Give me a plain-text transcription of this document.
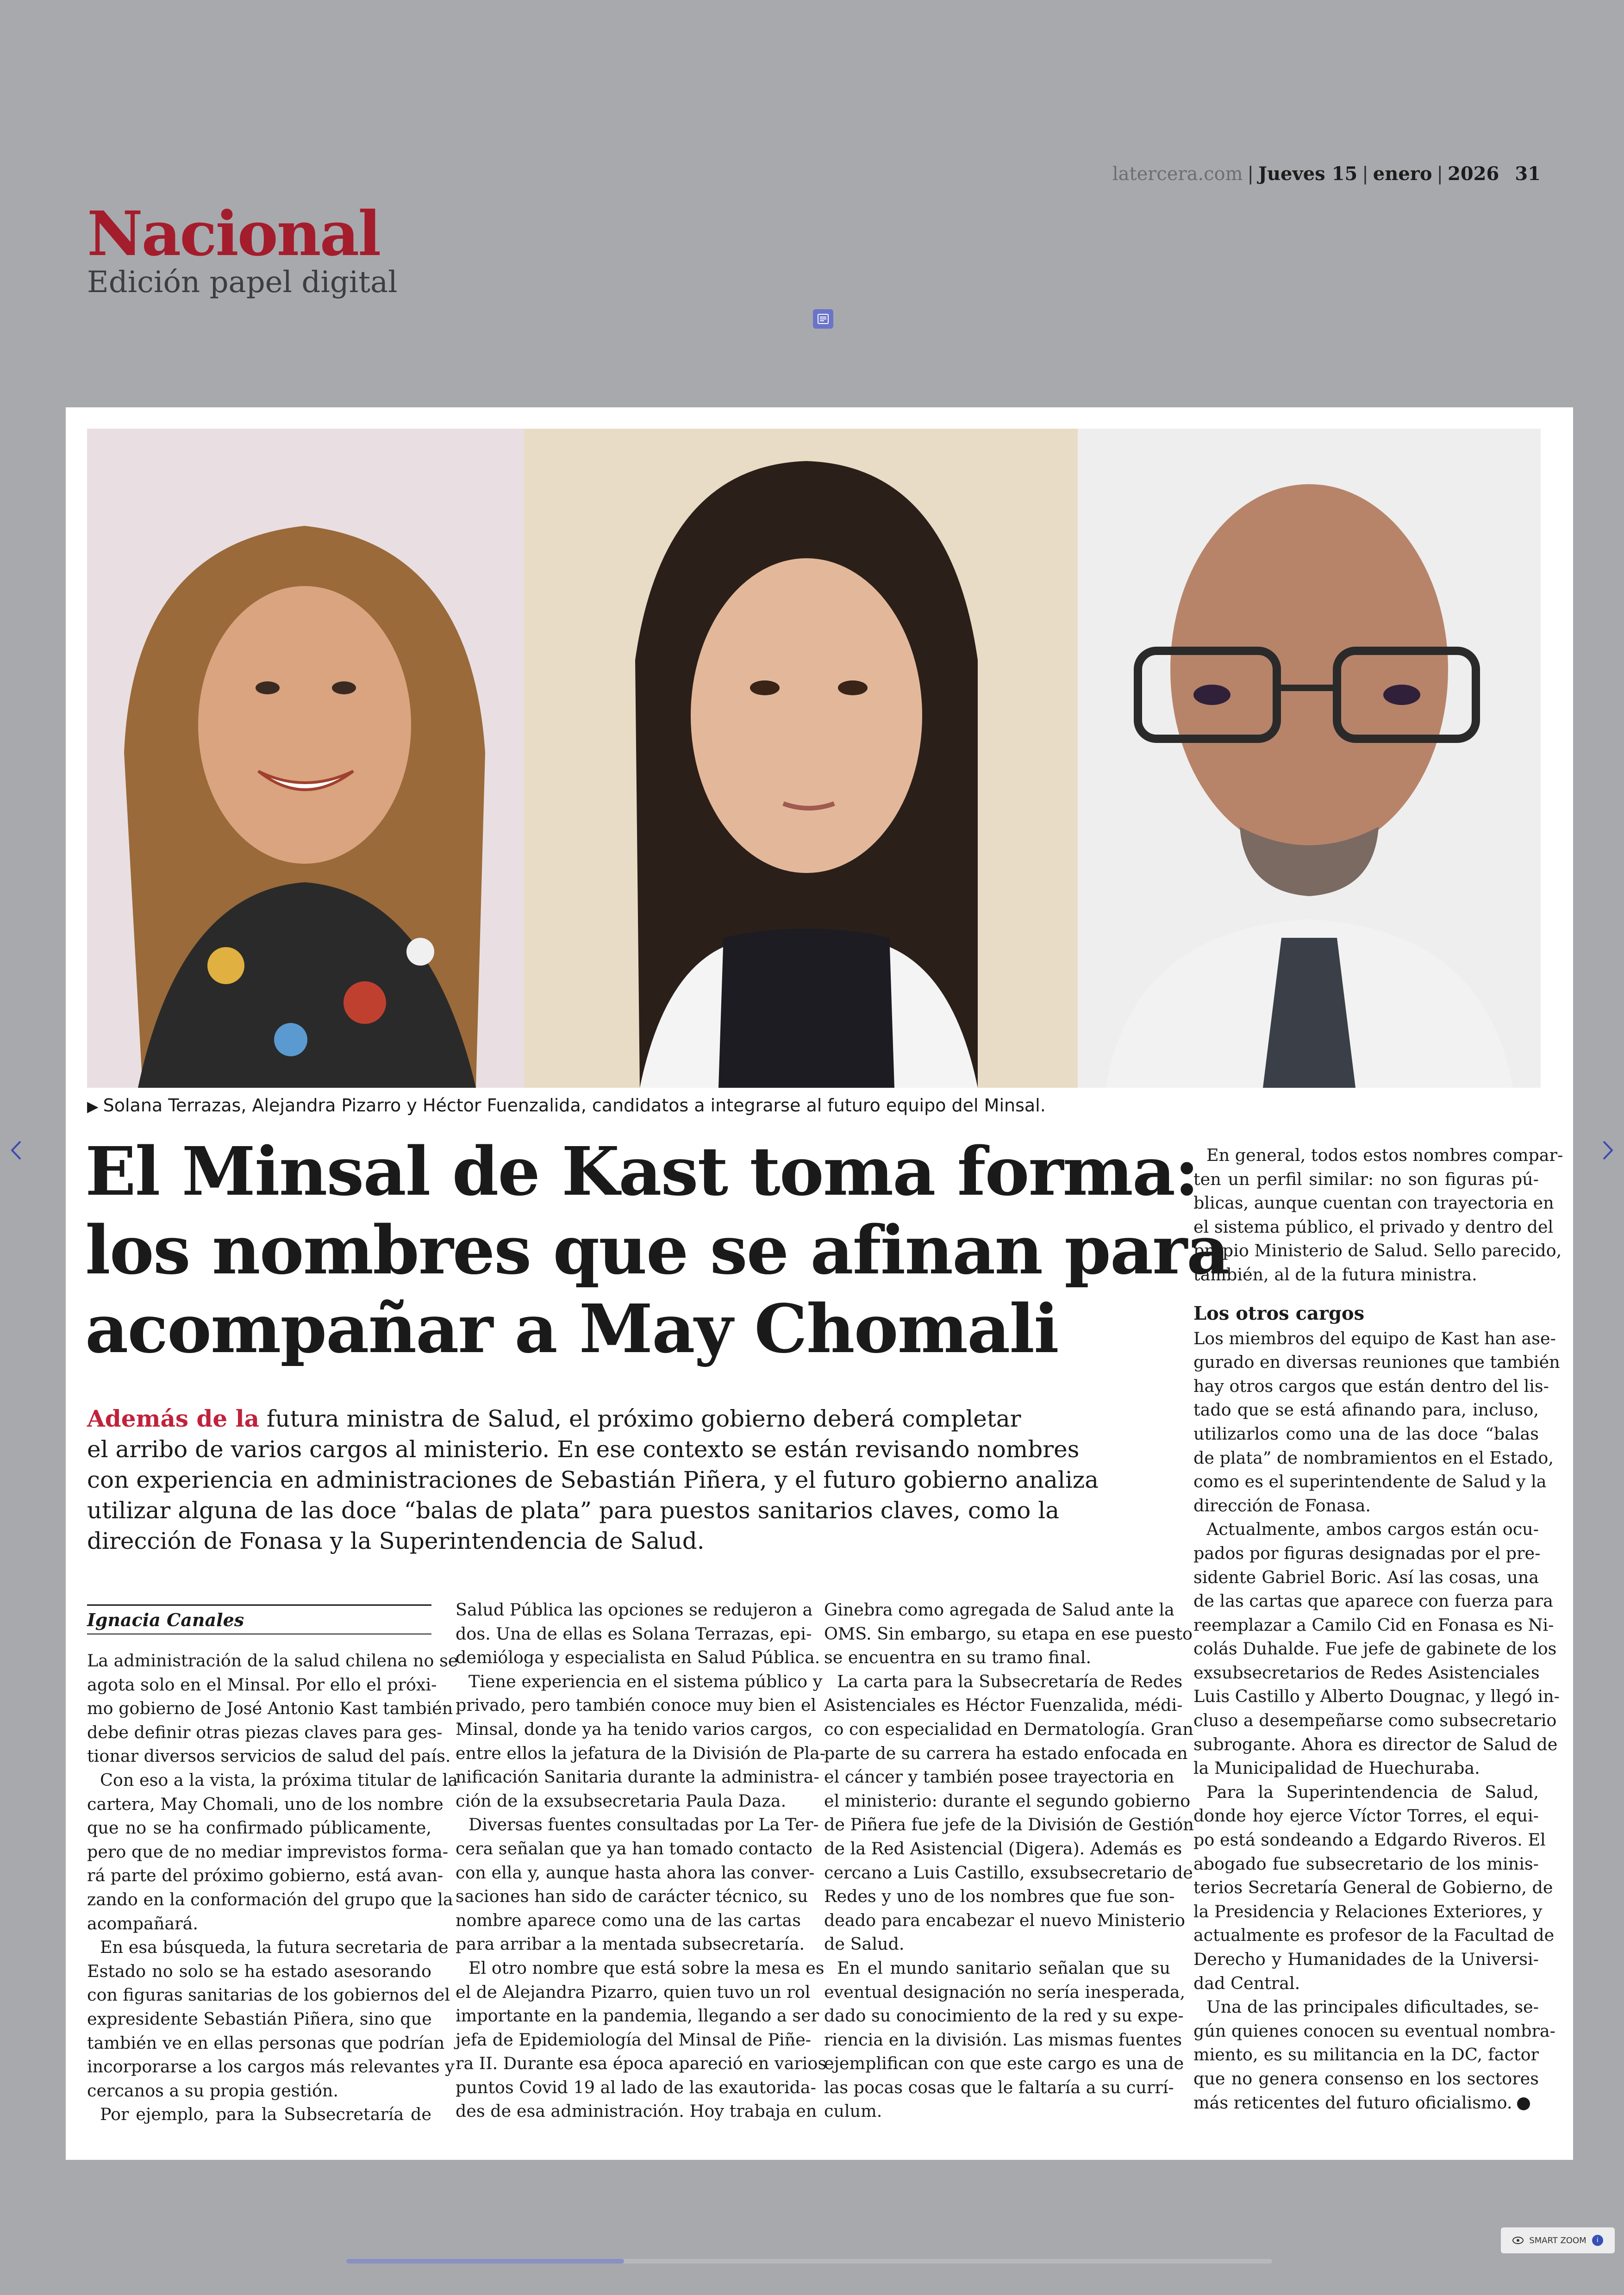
Nacional
Edición papel digital
latercera.com | Jueves 15 | enero | 2026 31
▶ Solana Terrazas, Alejandra Pizarro y Héctor Fuenzalida, candidatos a integrarse al futuro equipo del Minsal.
El Minsal de Kast toma forma:
los nombres que se afinan para
acompañar a May Chomali
Además de la futura ministra de Salud, el próximo gobierno deberá completar
el arribo de varios cargos al ministerio. En ese contexto se están revisando nombres
con experiencia en administraciones de Sebastián Piñera, y el futuro gobierno analiza
utilizar alguna de las doce “balas de plata” para puestos sanitarios claves, como la
dirección de Fonasa y la Superintendencia de Salud.
Ignacia Canales
La administración de la salud chilena no se
agota solo en el Minsal. Por ello el próxi-
mo gobierno de José Antonio Kast también
debe definir otras piezas claves para ges-
tionar diversos servicios de salud del país.
Con eso a la vista, la próxima titular de la
cartera, May Chomali, uno de los nombre
que no se ha confirmado públicamente,
pero que de no mediar imprevistos forma-
rá parte del próximo gobierno, está avan-
zando en la conformación del grupo que la
acompañará.
En esa búsqueda, la futura secretaria de
Estado no solo se ha estado asesorando
con figuras sanitarias de los gobiernos del
expresidente Sebastián Piñera, sino que
también ve en ellas personas que podrían
incorporarse a los cargos más relevantes y
cercanos a su propia gestión.
Por ejemplo, para la Subsecretaría de
Salud Pública las opciones se redujeron a
dos. Una de ellas es Solana Terrazas, epi-
demióloga y especialista en Salud Pública.
Tiene experiencia en el sistema público y
privado, pero también conoce muy bien el
Minsal, donde ya ha tenido varios cargos,
entre ellos la jefatura de la División de Pla-
nificación Sanitaria durante la administra-
ción de la exsubsecretaria Paula Daza.
Diversas fuentes consultadas por La Ter-
cera señalan que ya han tomado contacto
con ella y, aunque hasta ahora las conver-
saciones han sido de carácter técnico, su
nombre aparece como una de las cartas
para arribar a la mentada subsecretaría.
El otro nombre que está sobre la mesa es
el de Alejandra Pizarro, quien tuvo un rol
importante en la pandemia, llegando a ser
jefa de Epidemiología del Minsal de Piñe-
ra II. Durante esa época apareció en varios
puntos Covid 19 al lado de las exautorida-
des de esa administración. Hoy trabaja en
Ginebra como agregada de Salud ante la
OMS. Sin embargo, su etapa en ese puesto
se encuentra en su tramo final.
La carta para la Subsecretaría de Redes
Asistenciales es Héctor Fuenzalida, médi-
co con especialidad en Dermatología. Gran
parte de su carrera ha estado enfocada en
el cáncer y también posee trayectoria en
el ministerio: durante el segundo gobierno
de Piñera fue jefe de la División de Gestión
de la Red Asistencial (Digera). Además es
cercano a Luis Castillo, exsubsecretario de
Redes y uno de los nombres que fue son-
deado para encabezar el nuevo Ministerio
de Salud.
En el mundo sanitario señalan que su
eventual designación no sería inesperada,
dado su conocimiento de la red y su expe-
riencia en la división. Las mismas fuentes
ejemplifican con que este cargo es una de
las pocas cosas que le faltaría a su currí-
culum.
En general, todos estos nombres compar-
ten un perfil similar: no son figuras pú-
blicas, aunque cuentan con trayectoria en
el sistema público, el privado y dentro del
propio Ministerio de Salud. Sello parecido,
también, al de la futura ministra.
Los otros cargos
Los miembros del equipo de Kast han ase-
gurado en diversas reuniones que también
hay otros cargos que están dentro del lis-
tado que se está afinando para, incluso,
utilizarlos como una de las doce “balas
de plata” de nombramientos en el Estado,
como es el superintendente de Salud y la
dirección de Fonasa.
Actualmente, ambos cargos están ocu-
pados por figuras designadas por el pre-
sidente Gabriel Boric. Así las cosas, una
de las cartas que aparece con fuerza para
reemplazar a Camilo Cid en Fonasa es Ni-
colás Duhalde. Fue jefe de gabinete de los
exsubsecretarios de Redes Asistenciales
Luis Castillo y Alberto Dougnac, y llegó in-
cluso a desempeñarse como subsecretario
subrogante. Ahora es director de Salud de
la Municipalidad de Huechuraba.
Para la Superintendencia de Salud,
donde hoy ejerce Víctor Torres, el equi-
po está sondeando a Edgardo Riveros. El
abogado fue subsecretario de los minis-
terios Secretaría General de Gobierno, de
la Presidencia y Relaciones Exteriores, y
actualmente es profesor de la Facultad de
Derecho y Humanidades de la Universi-
dad Central.
Una de las principales dificultades, se-
gún quienes conocen su eventual nombra-
miento, es su militancia en la DC, factor
que no genera consenso en los sectores
más reticentes del futuro oficialismo.
SMART ZOOM	i
